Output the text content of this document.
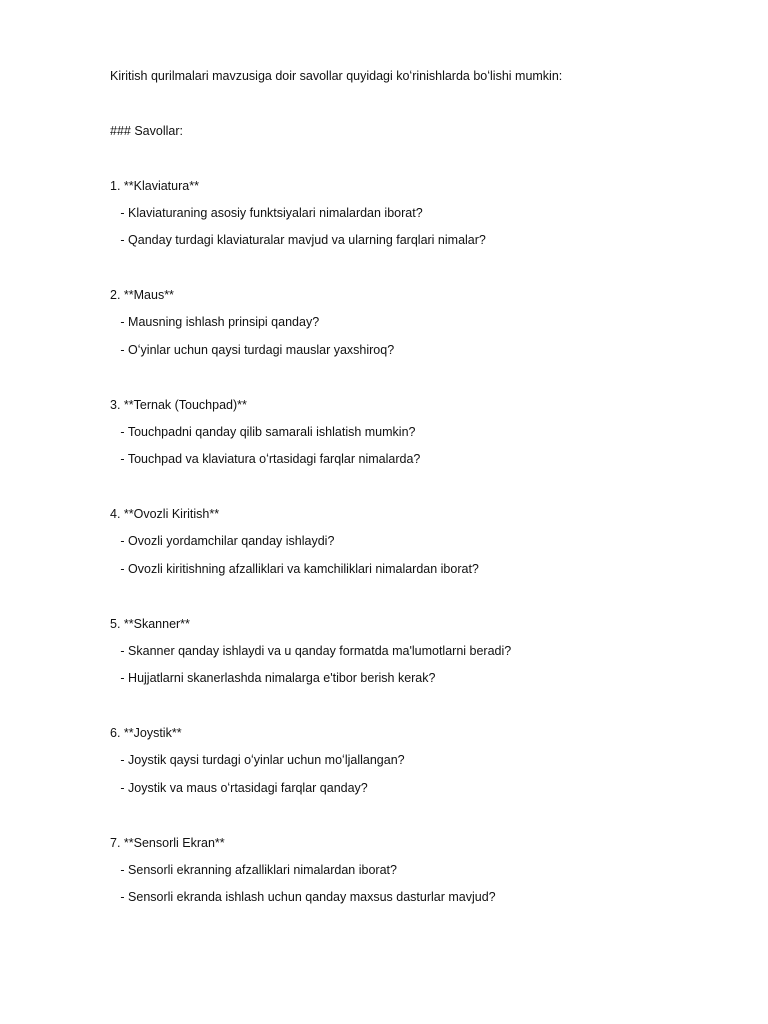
Kiritish qurilmalari mavzusiga doir savollar quyidagi koʻrinishlarda boʻlishi mumkin:
### Savollar:
1. **Klaviatura**
- Klaviaturaning asosiy funktsiyalari nimalardan iborat?
- Qanday turdagi klaviaturalar mavjud va ularning farqlari nimalar?
2. **Maus**
- Mausning ishlash prinsipi qanday?
- Oʻyinlar uchun qaysi turdagi mauslar yaxshiroq?
3. **Ternak (Touchpad)**
- Touchpadni qanday qilib samarali ishlatish mumkin?
- Touchpad va klaviatura oʻrtasidagi farqlar nimalarda?
4. **Ovozli Kiritish**
- Ovozli yordamchilar qanday ishlaydi?
- Ovozli kiritishning afzalliklari va kamchiliklari nimalardan iborat?
5. **Skanner**
- Skanner qanday ishlaydi va u qanday formatda ma'lumotlarni beradi?
- Hujjatlarni skanerlashda nimalarga e'tibor berish kerak?
6. **Joystik**
- Joystik qaysi turdagi oʻyinlar uchun moʻljallangan?
- Joystik va maus oʻrtasidagi farqlar qanday?
7. **Sensorli Ekran**
- Sensorli ekranning afzalliklari nimalardan iborat?
- Sensorli ekranda ishlash uchun qanday maxsus dasturlar mavjud?
